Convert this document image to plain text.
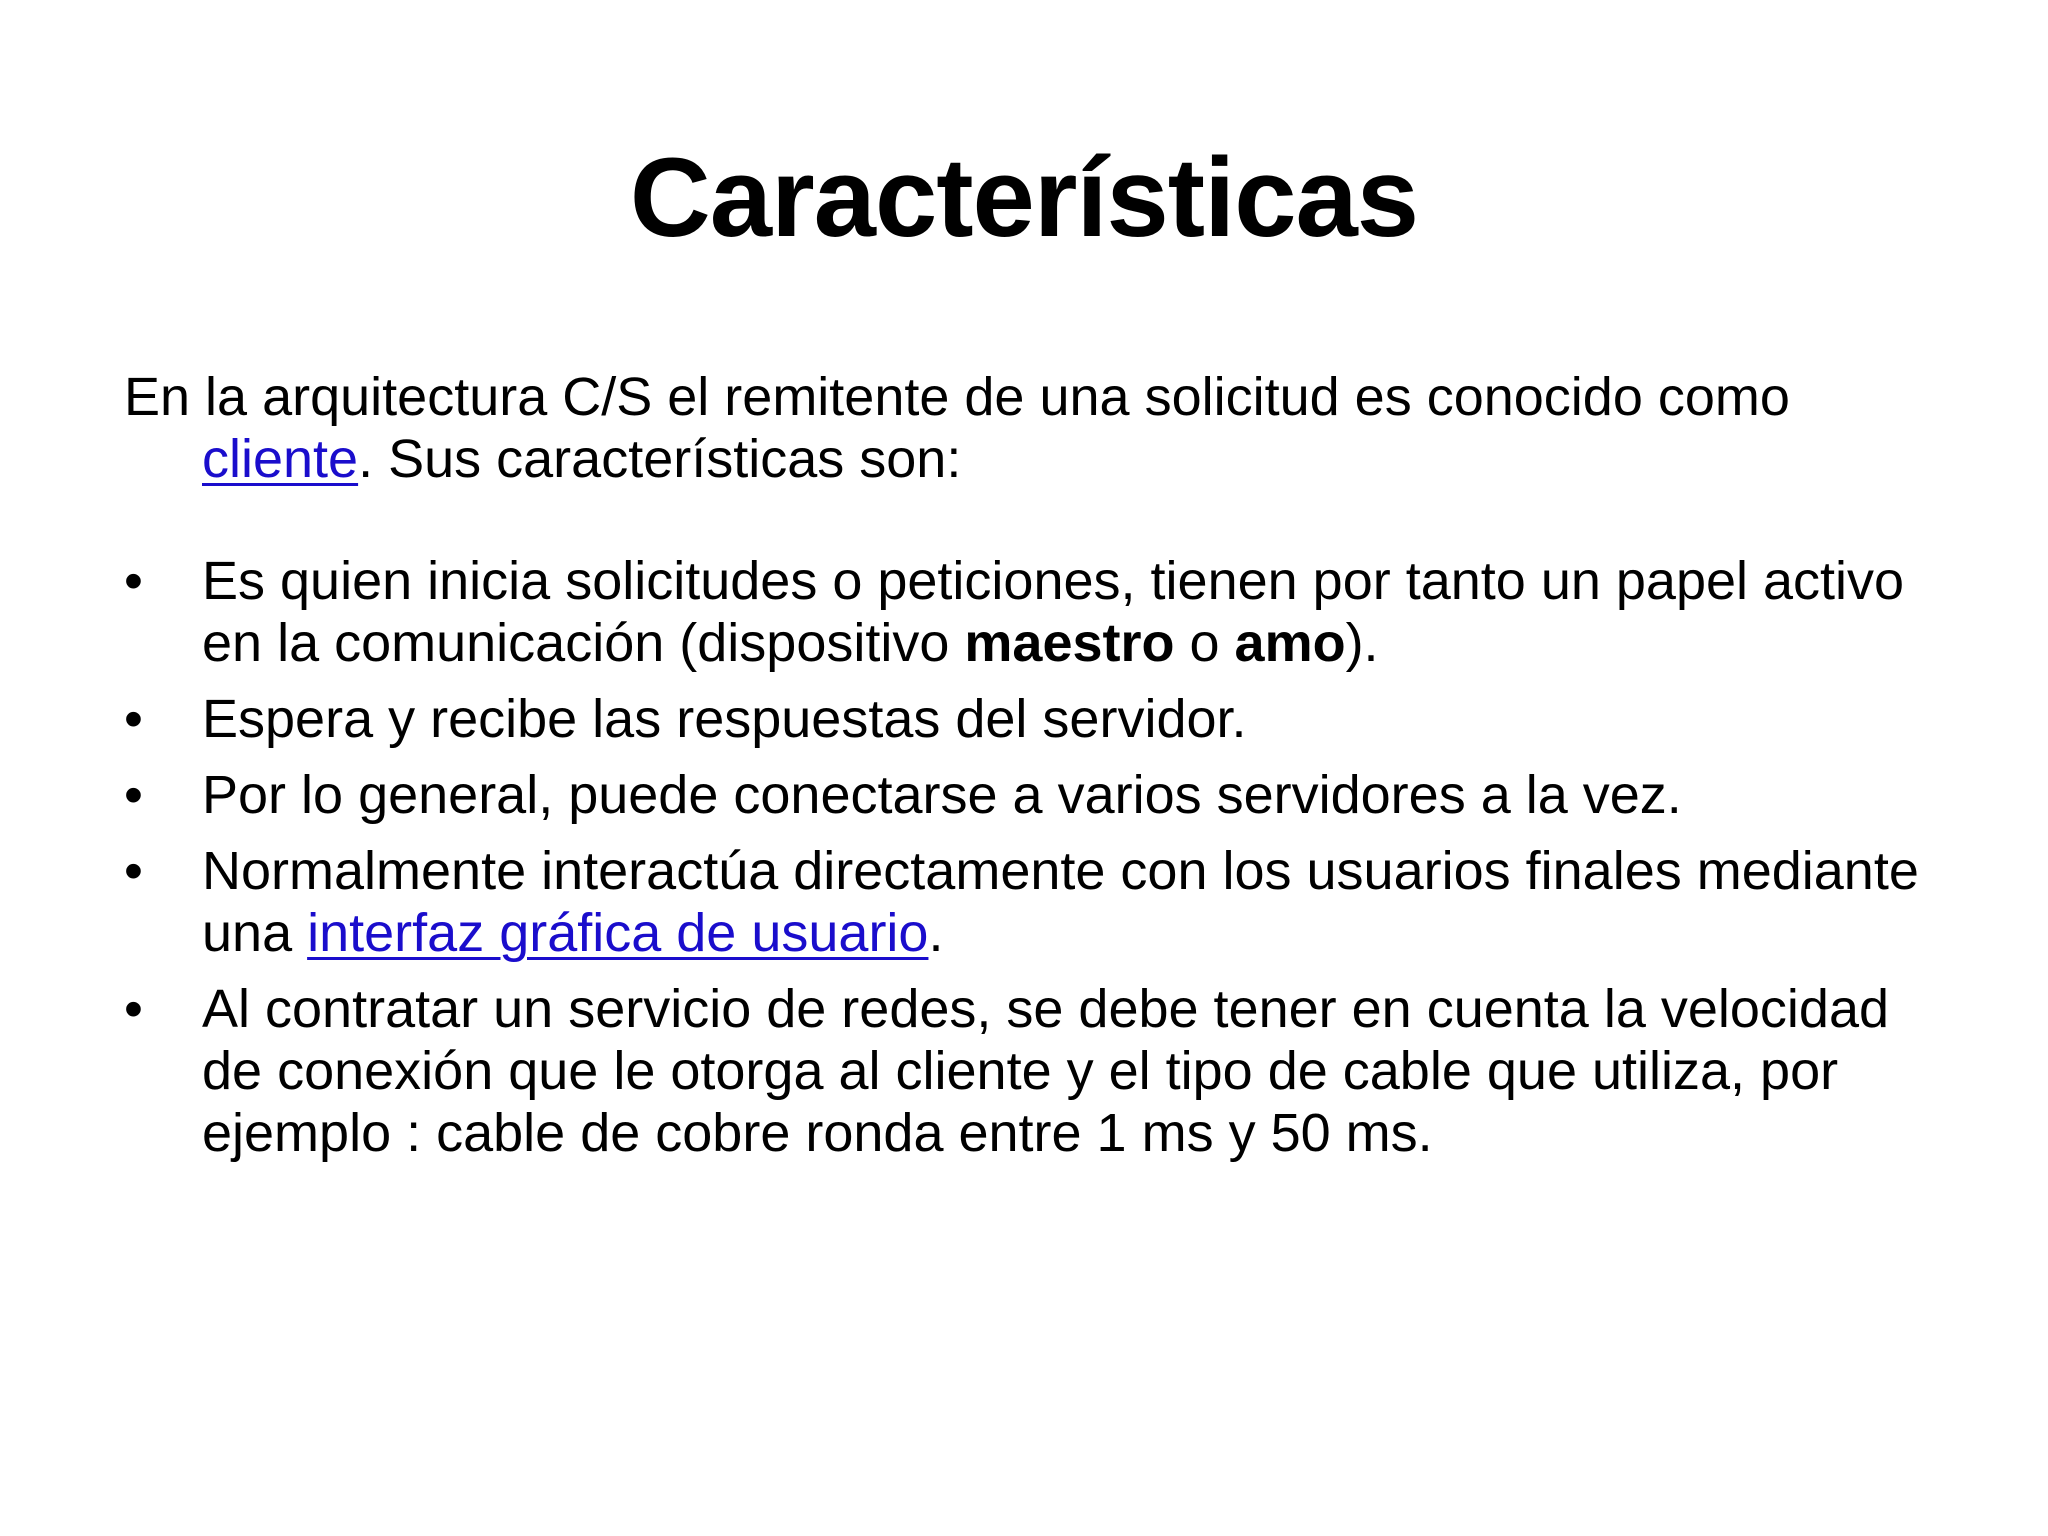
Características

En la arquitectura C/S el remitente de una solicitud es conocido como cliente. Sus características son:

•	Es quien inicia solicitudes o peticiones, tienen por tanto un papel activo en la comunicación (dispositivo maestro o amo).
•	Espera y recibe las respuestas del servidor.
•	Por lo general, puede conectarse a varios servidores a la vez.
•	Normalmente interactúa directamente con los usuarios finales mediante una interfaz gráfica de usuario.
•	Al contratar un servicio de redes, se debe tener en cuenta la velocidad de conexión que le otorga al cliente y el tipo de cable que utiliza, por ejemplo : cable de cobre ronda entre 1 ms y 50 ms.
